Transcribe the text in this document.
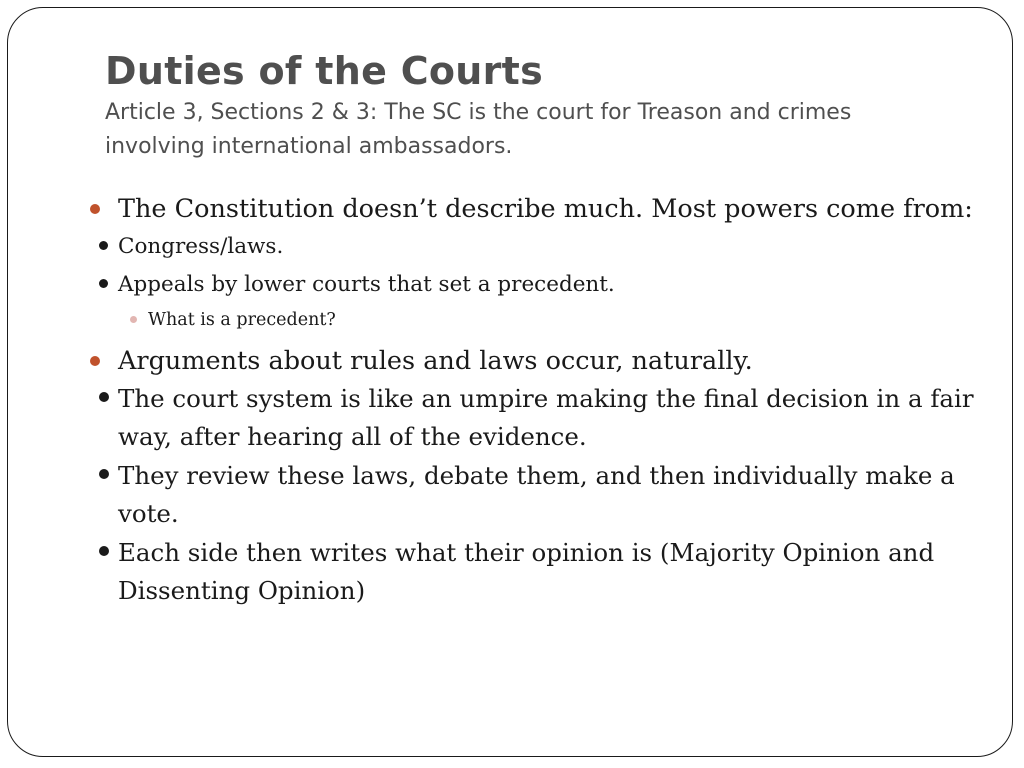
Duties of the Courts

Article 3, Sections 2 & 3: The SC is the court for Treason and crimes involving international ambassadors.

The Constitution doesn’t describe much. Most powers come from:
Congress/laws.
Appeals by lower courts that set a precedent.
What is a precedent?
Arguments about rules and laws occur, naturally.
The court system is like an umpire making the final decision in a fair way, after hearing all of the evidence.
They review these laws, debate them, and then individually make a vote.
Each side then writes what their opinion is (Majority Opinion and Dissenting Opinion)
